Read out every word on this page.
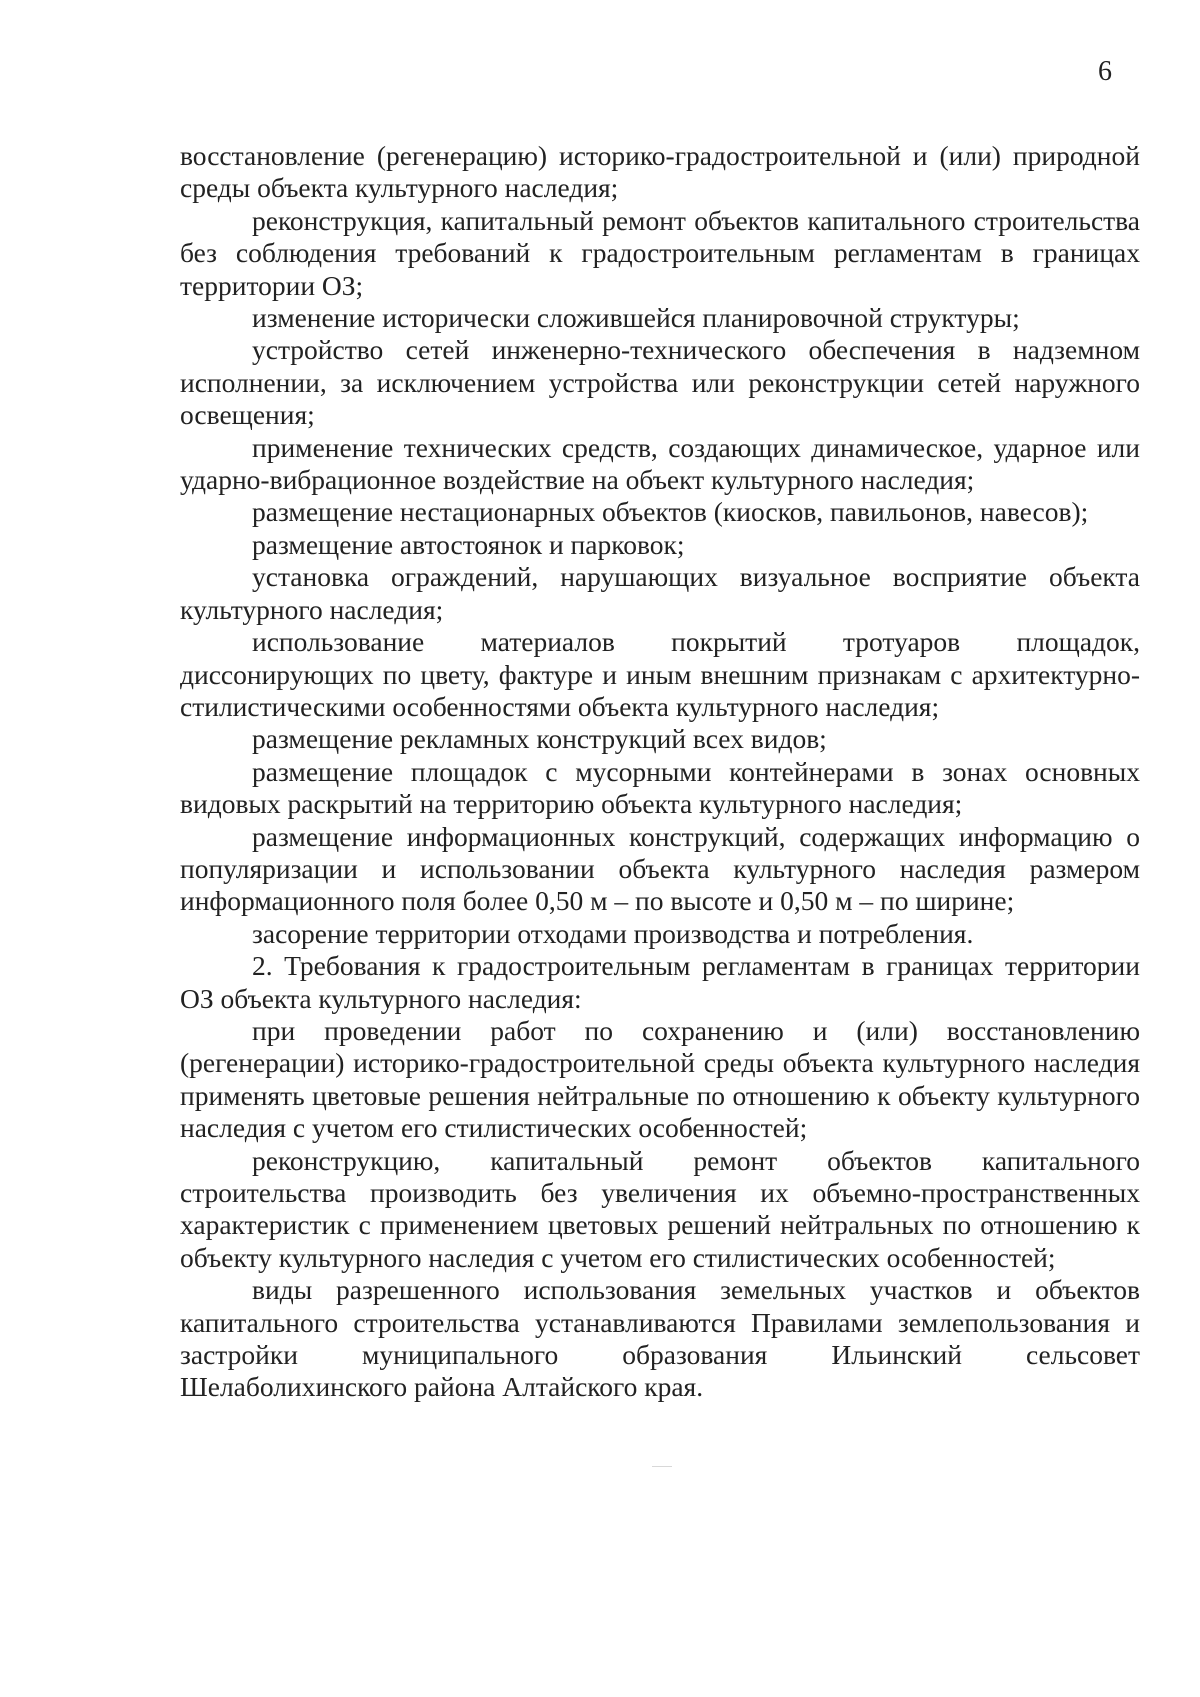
6

восстановление (регенерацию) историко-градостроительной и (или) природной среды объекта культурного наследия;

реконструкция, капитальный ремонт объектов капитального строительства без соблюдения требований к градостроительным регламентам в границах территории ОЗ;

изменение исторически сложившейся планировочной структуры;

устройство сетей инженерно-технического обеспечения в надземном исполнении, за исключением устройства или реконструкции сетей наружного освещения;

применение технических средств, создающих динамическое, ударное или ударно-вибрационное воздействие на объект культурного наследия;

размещение нестационарных объектов (киосков, павильонов, навесов);

размещение автостоянок и парковок;

установка ограждений, нарушающих визуальное восприятие объекта культурного наследия;

использование материалов покрытий тротуаров площадок, диссонирующих по цвету, фактуре и иным внешним признакам с архитектурно-стилистическими особенностями объекта культурного наследия;

размещение рекламных конструкций всех видов;

размещение площадок с мусорными контейнерами в зонах основных видовых раскрытий на территорию объекта культурного наследия;

размещение информационных конструкций, содержащих информацию о популяризации и использовании объекта культурного наследия размером информационного поля более 0,50 м – по высоте и 0,50 м – по ширине;

засорение территории отходами производства и потребления.

2. Требования к градостроительным регламентам в границах территории ОЗ объекта культурного наследия:

при проведении работ по сохранению и (или) восстановлению (регенерации) историко-градостроительной среды объекта культурного наследия применять цветовые решения нейтральные по отношению к объекту культурного наследия с учетом его стилистических особенностей;

реконструкцию, капитальный ремонт объектов капитального строительства производить без увеличения их объемно-пространственных характеристик с применением цветовых решений нейтральных по отношению к объекту культурного наследия с учетом его стилистических особенностей;

виды разрешенного использования земельных участков и объектов капитального строительства устанавливаются Правилами землепользования и застройки муниципального образования Ильинский сельсовет Шелаболихинского района Алтайского края.
